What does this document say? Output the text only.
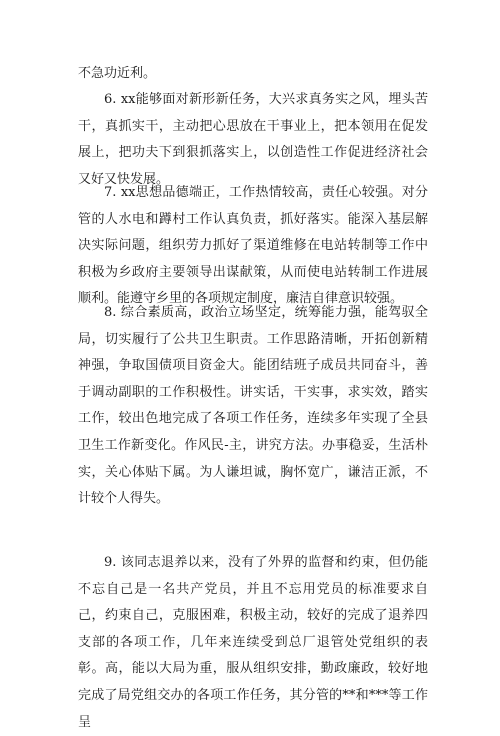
不急功近利。

6. xx能够面对新形新任务，大兴求真务实之风，埋头苦干，真抓实干，主动把心思放在干事业上，把本领用在促发展上，把功夫下到狠抓落实上，以创造性工作促进经济社会又好又快发展。

7. xx思想品德端正，工作热情较高，责任心较强。对分管的人水电和蹲村工作认真负责，抓好落实。能深入基层解决实际问题，组织劳力抓好了渠道维修在电站转制等工作中积极为乡政府主要领导出谋献策，从而使电站转制工作进展顺利。能遵守乡里的各项规定制度，廉洁自律意识较强。

8. 综合素质高，政治立场坚定，统筹能力强，能驾驭全局，切实履行了公共卫生职责。工作思路清晰，开拓创新精神强，争取国债项目资金大。能团结班子成员共同奋斗，善于调动副职的工作积极性。讲实话，干实事，求实效，踏实工作，较出色地完成了各项工作任务，连续多年实现了全县卫生工作新变化。作风民-主，讲究方法。办事稳妥，生活朴实，关心体贴下属。为人谦坦诚，胸怀宽广，谦洁正派，不计较个人得失。

9. 该同志退养以来，没有了外界的监督和约束，但仍能不忘自己是一名共产党员，并且不忘用党员的标准要求自己，约束自己，克服困难，积极主动，较好的完成了退养四支部的各项工作，几年来连续受到总厂退管处党组织的表彰。高，能以大局为重，服从组织安排，勤政廉政，较好地完成了局党组交办的各项工作任务，其分管的**和***等工作呈
